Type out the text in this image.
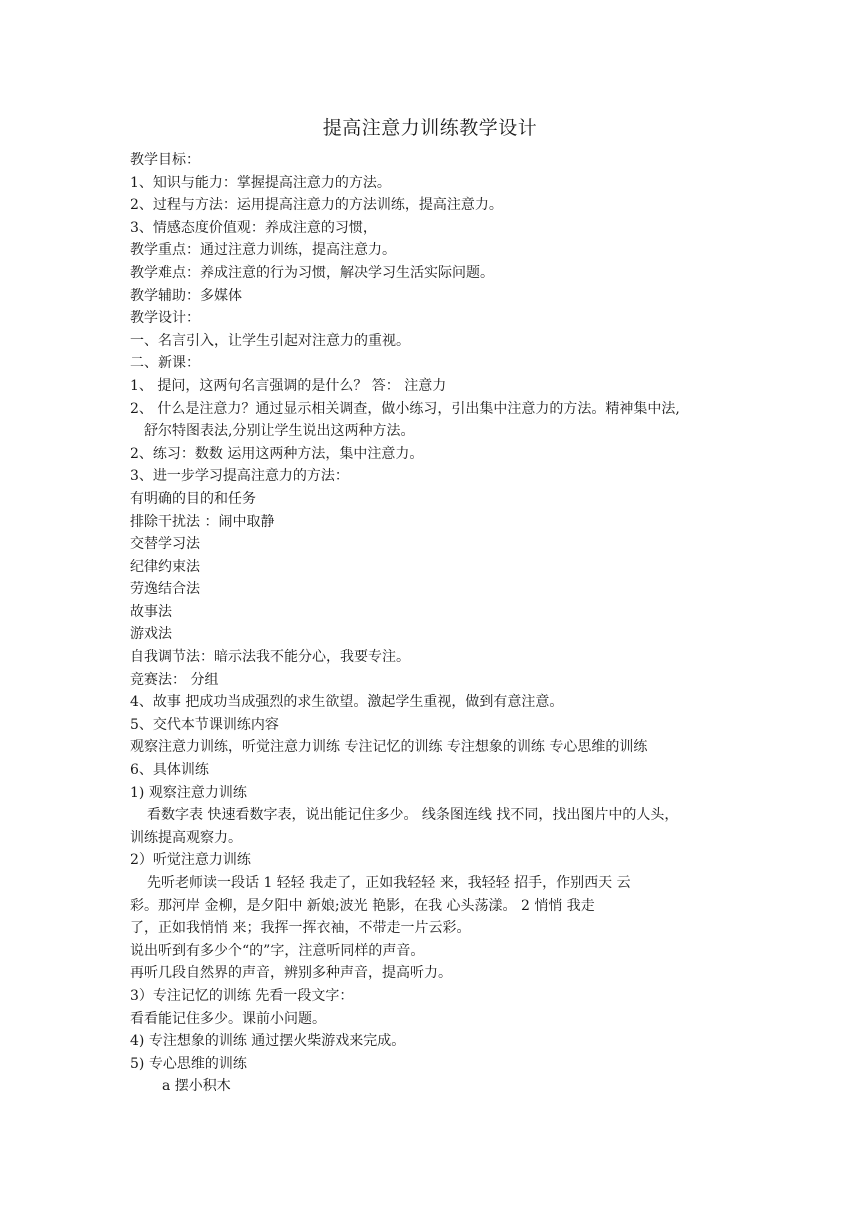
提高注意力训练教学设计
教学目标：
1、知识与能力：掌握提高注意力的方法。
2、过程与方法：运用提高注意力的方法训练，提高注意力。
3、情感态度价值观：养成注意的习惯，
教学重点：通过注意力训练，提高注意力。
教学难点：养成注意的行为习惯，解决学习生活实际问题。
教学辅助：多媒体
教学设计：
一、名言引入，让学生引起对注意力的重视。
二、新课：
1、 提问，这两句名言强调的是什么？ 答： 注意力
2、 什么是注意力？通过显示相关调查，做小练习，引出集中注意力的方法。精神集中法,
舒尔特图表法,分别让学生说出这两种方法。
2、练习：数数 运用这两种方法，集中注意力。
3、进一步学习提高注意力的方法：
有明确的目的和任务
排除干扰法 ：闹中取静
交替学习法
纪律约束法
劳逸结合法
故事法
游戏法
自我调节法：暗示法我不能分心，我要专注。
竞赛法： 分组
4、故事 把成功当成强烈的求生欲望。激起学生重视，做到有意注意。
5、交代本节课训练内容
观察注意力训练，听觉注意力训练 专注记忆的训练 专注想象的训练 专心思维的训练
6、具体训练
1) 观察注意力训练
看数字表 快速看数字表，说出能记住多少。 线条图连线 找不同，找出图片中的人头，
训练提高观察力。
2）听觉注意力训练
先听老师读一段话 1 轻轻 我走了，正如我轻轻 来，我轻轻 招手，作别西天 云
彩。那河岸 金柳，是夕阳中 新娘;波光 艳影，在我 心头荡漾。 2 悄悄 我走
了，正如我悄悄 来；我挥一挥衣袖，不带走一片云彩。
说出听到有多少个“的”字，注意听同样的声音。
再听几段自然界的声音，辨别多种声音，提高听力。
3）专注记忆的训练 先看一段文字：
看看能记住多少。课前小问题。
4) 专注想象的训练 通过摆火柴游戏来完成。
5) 专心思维的训练
a 摆小积木
